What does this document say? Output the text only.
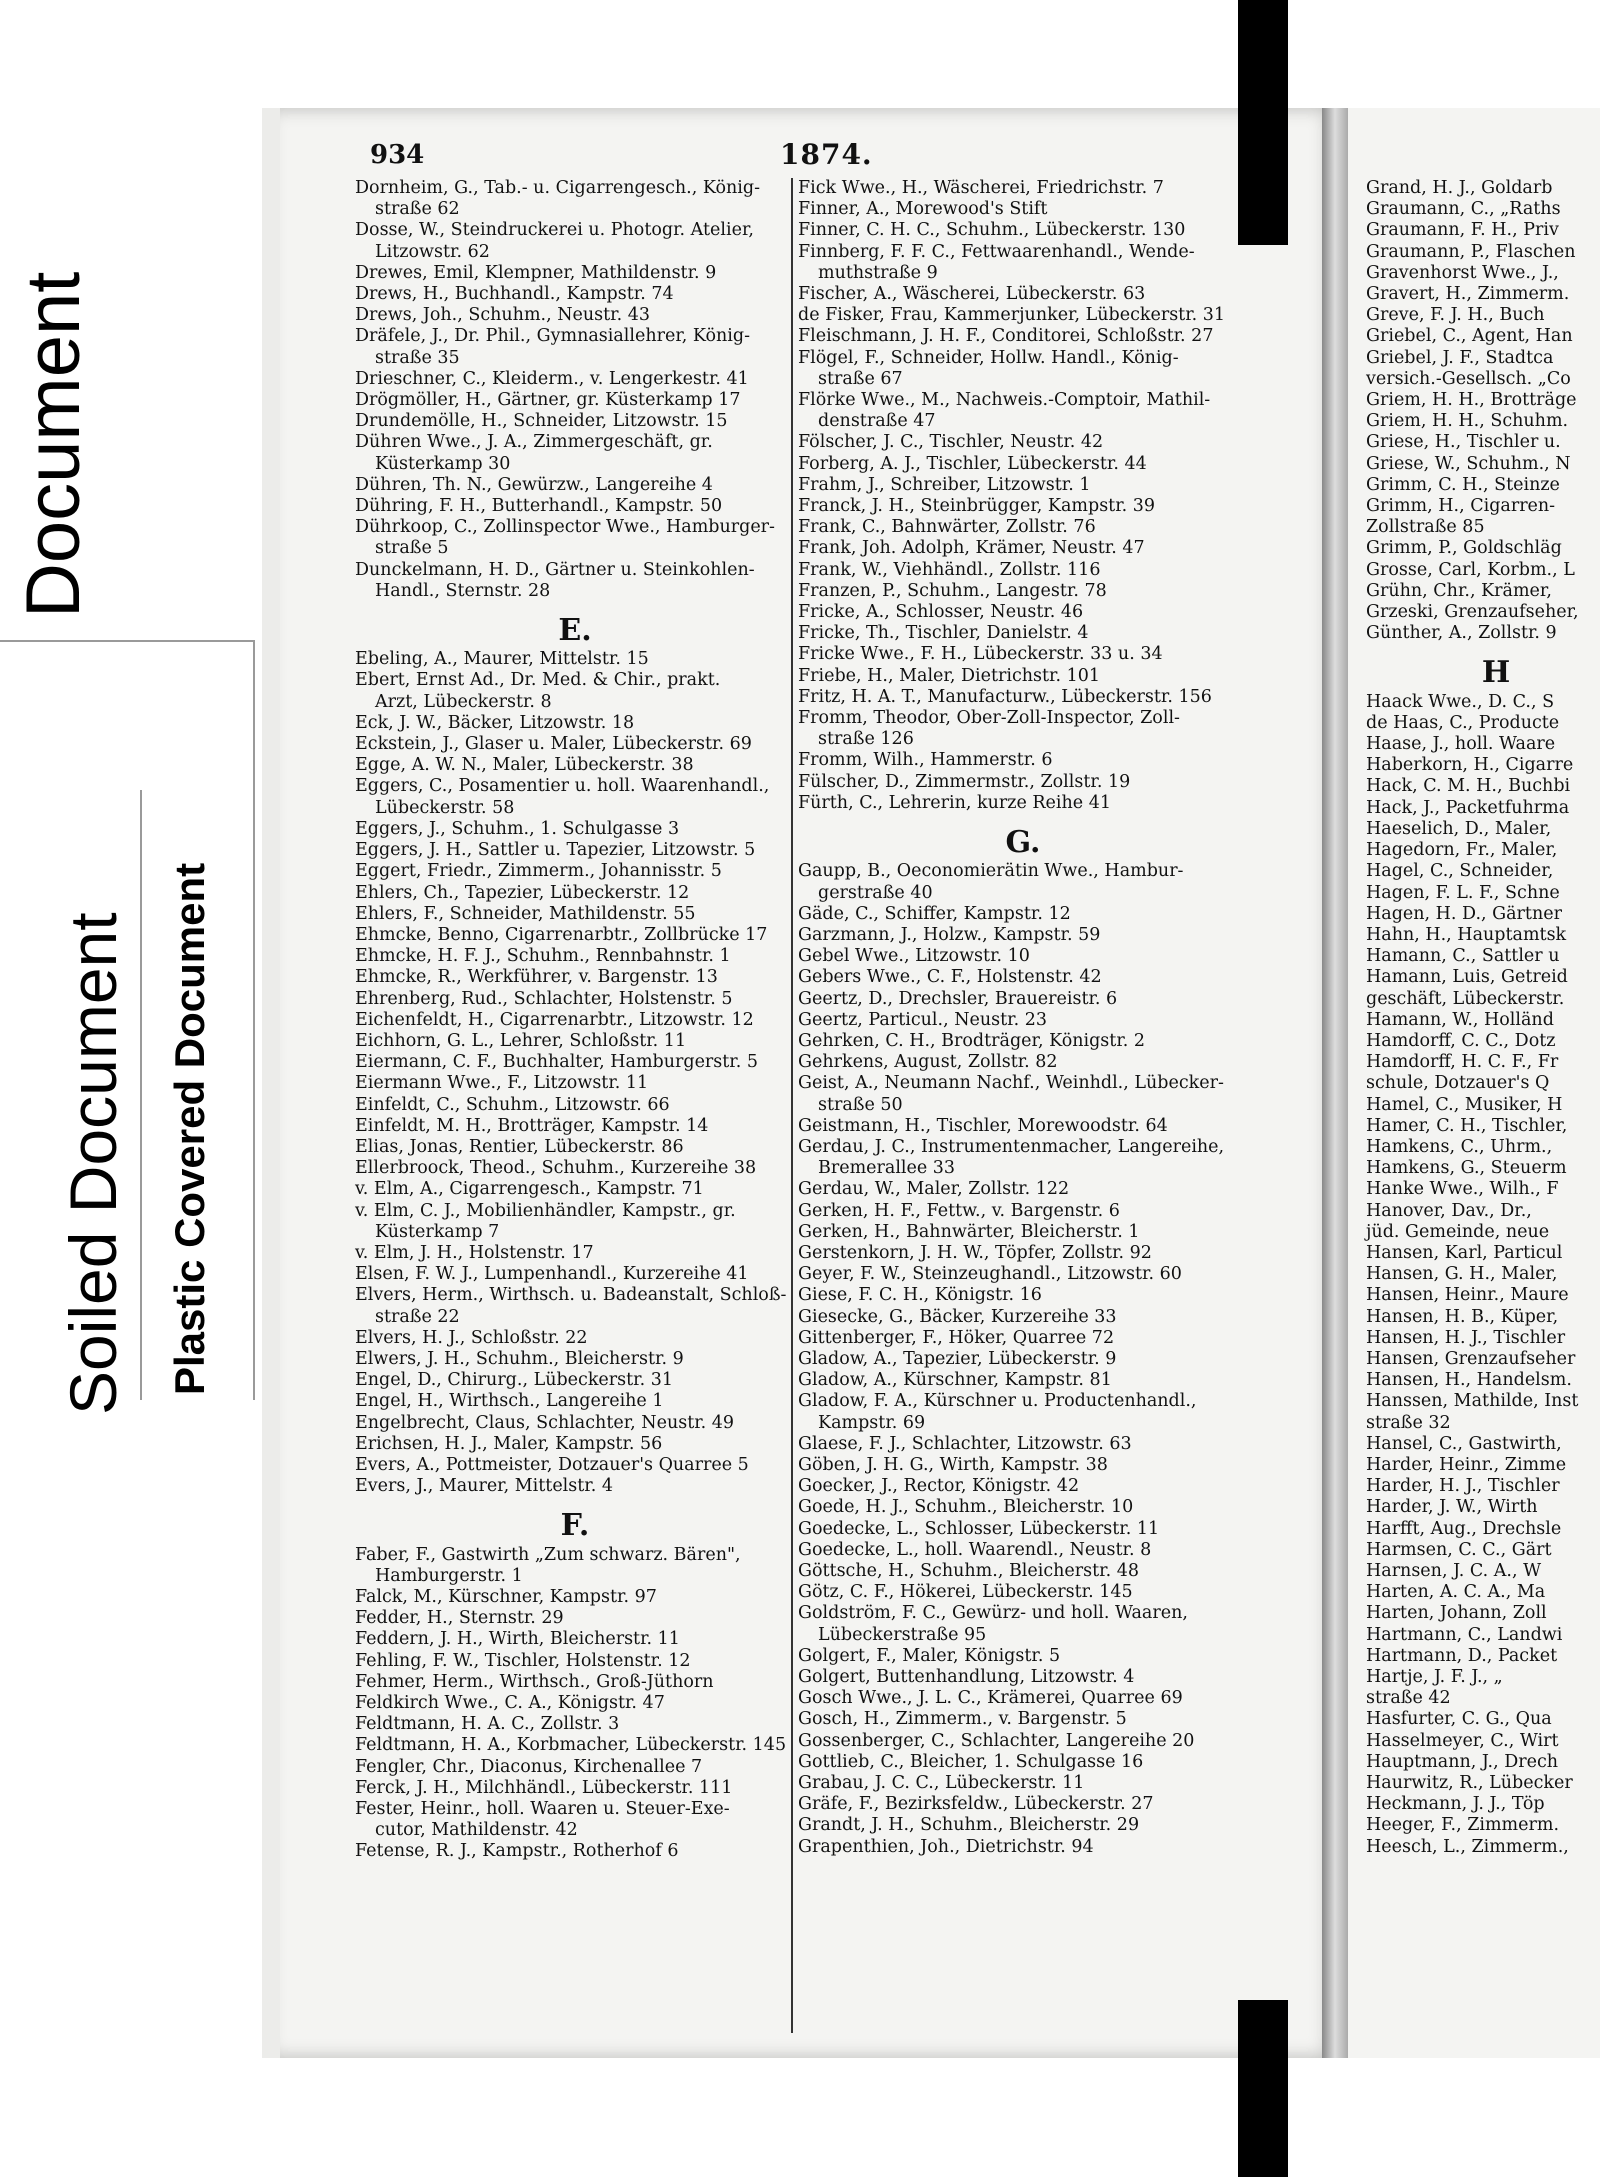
Document
Soiled Document Plastic Covered Document
934	1874.
Dornheim, G., Tab.- u. Cigarrengesch., König-
straße 62
Dosse, W., Steindruckerei u. Photogr. Atelier,
Litzowstr. 62
Drewes, Emil, Klempner, Mathildenstr. 9
Drews, H., Buchhandl., Kampstr. 74
Drews, Joh., Schuhm., Neustr. 43
Dräfele, J., Dr. Phil., Gymnasiallehrer, König-
straße 35
Drieschner, C., Kleiderm., v. Lengerkestr. 41
Drögmöller, H., Gärtner, gr. Küsterkamp 17
Drundemölle, H., Schneider, Litzowstr. 15
Dühren Wwe., J. A., Zimmergeschäft, gr.
Küsterkamp 30
Dühren, Th. N., Gewürzw., Langereihe 4
Dühring, F. H., Butterhandl., Kampstr. 50
Dührkoop, C., Zollinspector Wwe., Hamburger-
straße 5
Dunckelmann, H. D., Gärtner u. Steinkohlen-
Handl., Sternstr. 28
E.
Ebeling, A., Maurer, Mittelstr. 15
Ebert, Ernst Ad., Dr. Med. & Chir., prakt.
Arzt, Lübeckerstr. 8
Eck, J. W., Bäcker, Litzowstr. 18
Eckstein, J., Glaser u. Maler, Lübeckerstr. 69
Egge, A. W. N., Maler, Lübeckerstr. 38
Eggers, C., Posamentier u. holl. Waarenhandl.,
Lübeckerstr. 58
Eggers, J., Schuhm., 1. Schulgasse 3
Eggers, J. H., Sattler u. Tapezier, Litzowstr. 5
Eggert, Friedr., Zimmerm., Johannisstr. 5
Ehlers, Ch., Tapezier, Lübeckerstr. 12
Ehlers, F., Schneider, Mathildenstr. 55
Ehmcke, Benno, Cigarrenarbtr., Zollbrücke 17
Ehmcke, H. F. J., Schuhm., Rennbahnstr. 1
Ehmcke, R., Werkführer, v. Bargenstr. 13
Ehrenberg, Rud., Schlachter, Holstenstr. 5
Eichenfeldt, H., Cigarrenarbtr., Litzowstr. 12
Eichhorn, G. L., Lehrer, Schloßstr. 11
Eiermann, C. F., Buchhalter, Hamburgerstr. 5
Eiermann Wwe., F., Litzowstr. 11
Einfeldt, C., Schuhm., Litzowstr. 66
Einfeldt, M. H., Brotträger, Kampstr. 14
Elias, Jonas, Rentier, Lübeckerstr. 86
Ellerbroock, Theod., Schuhm., Kurzereihe 38
v. Elm, A., Cigarrengesch., Kampstr. 71
v. Elm, C. J., Mobilienhändler, Kampstr., gr.
Küsterkamp 7
v. Elm, J. H., Holstenstr. 17
Elsen, F. W. J., Lumpenhandl., Kurzereihe 41
Elvers, Herm., Wirthsch. u. Badeanstalt, Schloß-
straße 22
Elvers, H. J., Schloßstr. 22
Elwers, J. H., Schuhm., Bleicherstr. 9
Engel, D., Chirurg., Lübeckerstr. 31
Engel, H., Wirthsch., Langereihe 1
Engelbrecht, Claus, Schlachter, Neustr. 49
Erichsen, H. J., Maler, Kampstr. 56
Evers, A., Pottmeister, Dotzauer's Quarree 5
Evers, J., Maurer, Mittelstr. 4
F.
Faber, F., Gastwirth „Zum schwarz. Bären",
Hamburgerstr. 1
Falck, M., Kürschner, Kampstr. 97
Fedder, H., Sternstr. 29
Feddern, J. H., Wirth, Bleicherstr. 11
Fehling, F. W., Tischler, Holstenstr. 12
Fehmer, Herm., Wirthsch., Groß-Jüthorn
Feldkirch Wwe., C. A., Königstr. 47
Feldtmann, H. A. C., Zollstr. 3
Feldtmann, H. A., Korbmacher, Lübeckerstr. 145
Fengler, Chr., Diaconus, Kirchenallee 7
Ferck, J. H., Milchhändl., Lübeckerstr. 111
Fester, Heinr., holl. Waaren u. Steuer-Exe-
cutor, Mathildenstr. 42
Fetense, R. J., Kampstr., Rotherhof 6
Fick Wwe., H., Wäscherei, Friedrichstr. 7
Finner, A., Morewood's Stift
Finner, C. H. C., Schuhm., Lübeckerstr. 130
Finnberg, F. F. C., Fettwaarenhandl., Wende-
muthstraße 9
Fischer, A., Wäscherei, Lübeckerstr. 63
de Fisker, Frau, Kammerjunker, Lübeckerstr. 31
Fleischmann, J. H. F., Conditorei, Schloßstr. 27
Flögel, F., Schneider, Hollw. Handl., König-
straße 67
Flörke Wwe., M., Nachweis.-Comptoir, Mathil-
denstraße 47
Fölscher, J. C., Tischler, Neustr. 42
Forberg, A. J., Tischler, Lübeckerstr. 44
Frahm, J., Schreiber, Litzowstr. 1
Franck, J. H., Steinbrügger, Kampstr. 39
Frank, C., Bahnwärter, Zollstr. 76
Frank, Joh. Adolph, Krämer, Neustr. 47
Frank, W., Viehhändl., Zollstr. 116
Franzen, P., Schuhm., Langestr. 78
Fricke, A., Schlosser, Neustr. 46
Fricke, Th., Tischler, Danielstr. 4
Fricke Wwe., F. H., Lübeckerstr. 33 u. 34
Friebe, H., Maler, Dietrichstr. 101
Fritz, H. A. T., Manufacturw., Lübeckerstr. 156
Fromm, Theodor, Ober-Zoll-Inspector, Zoll-
straße 126
Fromm, Wilh., Hammerstr. 6
Fülscher, D., Zimmermstr., Zollstr. 19
Fürth, C., Lehrerin, kurze Reihe 41
G.
Gaupp, B., Oeconomierätin Wwe., Hambur-
gerstraße 40
Gäde, C., Schiffer, Kampstr. 12
Garzmann, J., Holzw., Kampstr. 59
Gebel Wwe., Litzowstr. 10
Gebers Wwe., C. F., Holstenstr. 42
Geertz, D., Drechsler, Brauereistr. 6
Geertz, Particul., Neustr. 23
Gehrken, C. H., Brodträger, Königstr. 2
Gehrkens, August, Zollstr. 82
Geist, A., Neumann Nachf., Weinhdl., Lübecker-
straße 50
Geistmann, H., Tischler, Morewoodstr. 64
Gerdau, J. C., Instrumentenmacher, Langereihe,
Bremerallee 33
Gerdau, W., Maler, Zollstr. 122
Gerken, H. F., Fettw., v. Bargenstr. 6
Gerken, H., Bahnwärter, Bleicherstr. 1
Gerstenkorn, J. H. W., Töpfer, Zollstr. 92
Geyer, F. W., Steinzeughandl., Litzowstr. 60
Giese, F. C. H., Königstr. 16
Giesecke, G., Bäcker, Kurzereihe 33
Gittenberger, F., Höker, Quarree 72
Gladow, A., Tapezier, Lübeckerstr. 9
Gladow, A., Kürschner, Kampstr. 81
Gladow, F. A., Kürschner u. Productenhandl.,
Kampstr. 69
Glaese, F. J., Schlachter, Litzowstr. 63
Göben, J. H. G., Wirth, Kampstr. 38
Goecker, J., Rector, Königstr. 42
Goede, H. J., Schuhm., Bleicherstr. 10
Goedecke, L., Schlosser, Lübeckerstr. 11
Goedecke, L., holl. Waarendl., Neustr. 8
Göttsche, H., Schuhm., Bleicherstr. 48
Götz, C. F., Hökerei, Lübeckerstr. 145
Goldström, F. C., Gewürz- und holl. Waaren,
Lübeckerstraße 95
Golgert, F., Maler, Königstr. 5
Golgert, Buttenhandlung, Litzowstr. 4
Gosch Wwe., J. L. C., Krämerei, Quarree 69
Gosch, H., Zimmerm., v. Bargenstr. 5
Gossenberger, C., Schlachter, Langereihe 20
Gottlieb, C., Bleicher, 1. Schulgasse 16
Grabau, J. C. C., Lübeckerstr. 11
Gräfe, F., Bezirksfeldw., Lübeckerstr. 27
Grandt, J. H., Schuhm., Bleicherstr. 29
Grapenthien, Joh., Dietrichstr. 94
Grand, H. J., Goldarb
Graumann, C., „Raths
Graumann, F. H., Priv
Graumann, P., Flaschen
Gravenhorst Wwe., J.,
Gravert, H., Zimmerm.
Greve, F. J. H., Buch
Griebel, C., Agent, Han
Griebel, J. F., Stadtca
versich.-Gesellsch. „Co
Griem, H. H., Brotträge
Griem, H. H., Schuhm.
Griese, H., Tischler u.
Griese, W., Schuhm., N
Grimm, C. H., Steinze
Grimm, H., Cigarren-
Zollstraße 85
Grimm, P., Goldschläg
Grosse, Carl, Korbm., L
Grühn, Chr., Krämer,
Grzeski, Grenzaufseher,
Günther, A., Zollstr. 9
H
Haack Wwe., D. C., S
de Haas, C., Producte
Haase, J., holl. Waare
Haberkorn, H., Cigarre
Hack, C. M. H., Buchbi
Hack, J., Packetfuhrma
Haeselich, D., Maler,
Hagedorn, Fr., Maler,
Hagel, C., Schneider,
Hagen, F. L. F., Schne
Hagen, H. D., Gärtner
Hahn, H., Hauptamtsk
Hamann, C., Sattler u
Hamann, Luis, Getreid
geschäft, Lübeckerstr.
Hamann, W., Holländ
Hamdorff, C. C., Dotz
Hamdorff, H. C. F., Fr
schule, Dotzauer's Q
Hamel, C., Musiker, H
Hamer, C. H., Tischler,
Hamkens, C., Uhrm.,
Hamkens, G., Steuerm
Hanke Wwe., Wilh., F
Hanover, Dav., Dr.,
jüd. Gemeinde, neue
Hansen, Karl, Particul
Hansen, G. H., Maler,
Hansen, Heinr., Maure
Hansen, H. B., Küper,
Hansen, H. J., Tischler
Hansen, Grenzaufseher
Hansen, H., Handelsm.
Hanssen, Mathilde, Inst
straße 32
Hansel, C., Gastwirth,
Harder, Heinr., Zimme
Harder, H. J., Tischler
Harder, J. W., Wirth
Harfft, Aug., Drechsle
Harmsen, C. C., Gärt
Harnsen, J. C. A., W
Harten, A. C. A., Ma
Harten, Johann, Zoll
Hartmann, C., Landwi
Hartmann, D., Packet
Hartje, J. F. J., „
straße 42
Hasfurter, C. G., Qua
Hasselmeyer, C., Wirt
Hauptmann, J., Drech
Haurwitz, R., Lübecker
Heckmann, J. J., Töp
Heeger, F., Zimmerm.
Heesch, L., Zimmerm.,
